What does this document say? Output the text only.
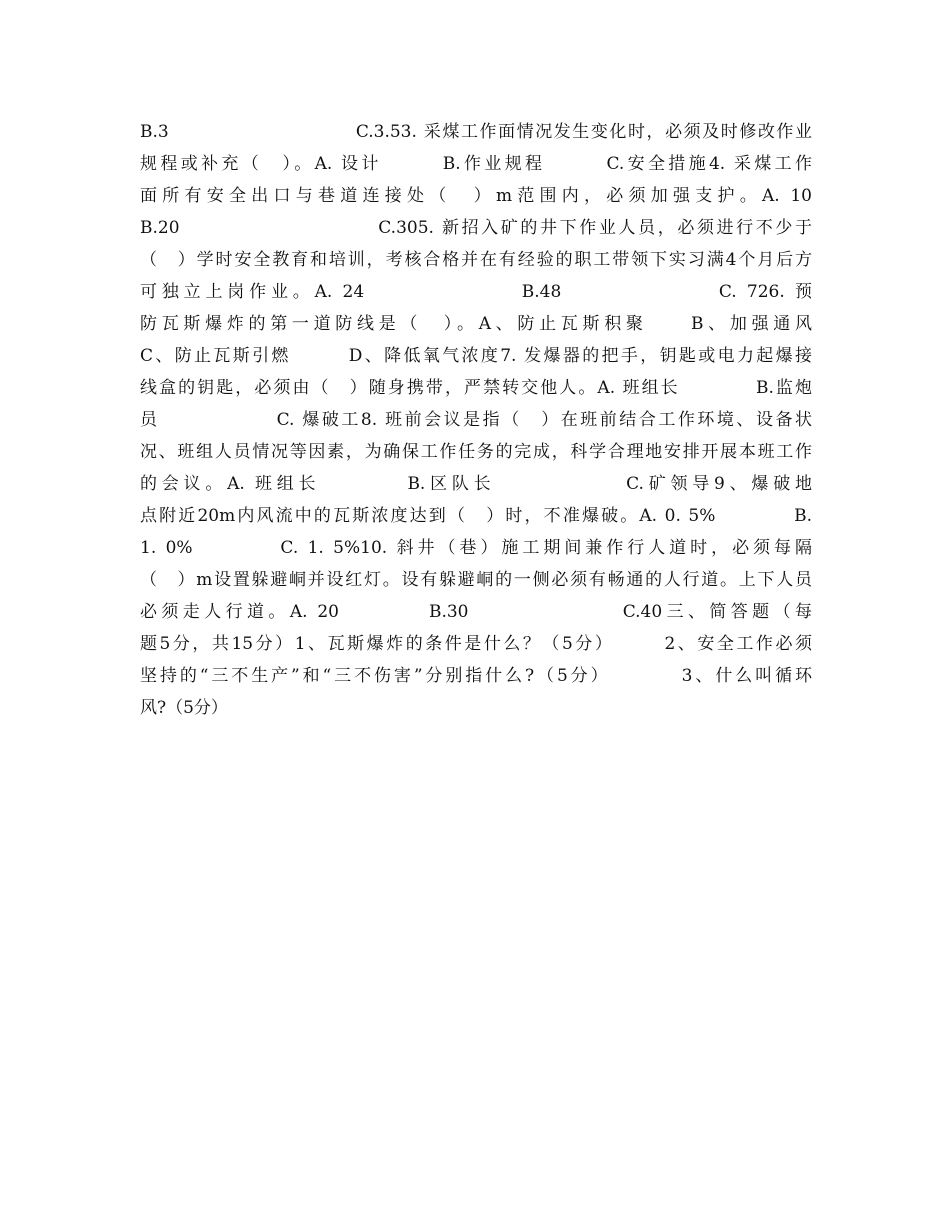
B.3　　　　　　　　　　C.3.53. 采煤工作面情况发生变化时，必须及时修改作业
规程或补充（　）。A. 设计　　　B.作业规程　　　C.安全措施4. 采煤工作
面所有安全出口与巷道连接处（　）m范围内，必须加强支护。A. 10
B.20　　　　　　　　　　C.305. 新招入矿的井下作业人员，必须进行不少于
（　）学时安全教育和培训，考核合格并在有经验的职工带领下实习满4个月后方
可独立上岗作业。A. 24　　　　　　　B.48　　　　　　　C. 726. 预
防瓦斯爆炸的第一道防线是（　）。A、防止瓦斯积聚　　B、加强通风
C、防止瓦斯引燃　　　D、降低氧气浓度7. 发爆器的把手，钥匙或电力起爆接
线盒的钥匙，必须由（　）随身携带，严禁转交他人。A. 班组长　　　　B.监炮
员　　　　　　C. 爆破工8. 班前会议是指（　）在班前结合工作环境、设备状
况、班组人员情况等因素，为确保工作任务的完成，科学合理地安排开展本班工作
的会议。A. 班组长　　　　B.区队长　　　　　　C.矿领导9、爆破地
点附近20m内风流中的瓦斯浓度达到（　）时，不准爆破。A. 0. 5%　　　　B.
1. 0%　　　　C. 1. 5%10. 斜井（巷）施工期间兼作行人道时，必须每隔
（　）m设置躲避峒并设红灯。设有躲避峒的一侧必须有畅通的人行道。上下人员
必须走人行道。A. 20　　　　B.30　　　　　　　C.40三、简答题（每
题5分，共15分）1、瓦斯爆炸的条件是什么？（5分）　　　2、安全工作必须
坚持的“三不生产”和“三不伤害”分别指什么?（5分）　　　　3、什么叫循环
风?（5分）
